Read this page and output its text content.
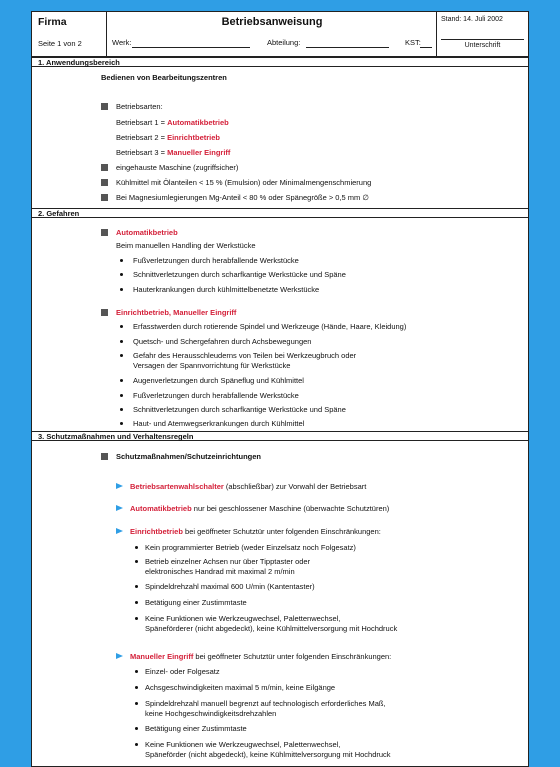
Firma
Seite 1 von 2
Betriebsanweisung
Werk:	Abteilung:	KST:
Stand: 14. Juli 2002
Unterschrift
1. Anwendungsbereich
Bedienen von Bearbeitungszentren
Betriebsarten:
Betriebsart 1 = Automatikbetrieb
Betriebsart 2 = Einrichtbetrieb
Betriebsart 3 = Manueller Eingriff
eingehauste Maschine (zugriffsicher)
Kühlmittel mit Ölanteilen < 15 % (Emulsion) oder Minimalmengenschmierung
Bei Magnesiumlegierungen Mg-Anteil < 80 % oder Spänegröße > 0,5 mm ∅
2. Gefahren
Automatikbetrieb
Beim manuellen Handling der Werkstücke
Fußverletzungen durch herabfallende Werkstücke
Schnittverletzungen durch scharfkantige Werkstücke und Späne
Hauterkrankungen durch kühlmittelbenetzte Werkstücke
Einrichtbetrieb, Manueller Eingriff
Erfasstwerden durch rotierende Spindel und Werkzeuge (Hände, Haare, Kleidung)
Quetsch- und Schergefahren durch Achsbewegungen
Gefahr des Herausschleuderns von Teilen bei Werkzeugbruch oder
Versagen der Spannvorrichtung für Werkstücke
Augenverletzungen durch Späneflug und Kühlmittel
Fußverletzungen durch herabfallende Werkstücke
Schnittverletzungen durch scharfkantige Werkstücke und Späne
Haut- und Atemwegserkrankungen durch Kühlmittel
3. Schutzmaßnahmen und Verhaltensregeln
Schutzmaßnahmen/Schutzeinrichtungen
Betriebsartenwahlschalter (abschließbar) zur Vorwahl der Betriebsart
Automatikbetrieb nur bei geschlossener Maschine (überwachte Schutztüren)
Einrichtbetrieb bei geöffneter Schutztür unter folgenden Einschränkungen:
Kein programmierter Betrieb (weder Einzelsatz noch Folgesatz)
Betrieb einzelner Achsen nur über Tipptaster oder
elektronisches Handrad mit maximal 2 m/min
Spindeldrehzahl maximal 600 U/min (Kantentaster)
Betätigung einer Zustimmtaste
Keine Funktionen wie Werkzeugwechsel, Palettenwechsel,
Späneförderer (nicht abgedeckt), keine Kühlmittelversorgung mit Hochdruck
Manueller Eingriff bei geöffneter Schutztür unter folgenden Einschränkungen:
Einzel- oder Folgesatz
Achsgeschwindigkeiten maximal 5 m/min, keine Eilgänge
Spindeldrehzahl manuell begrenzt auf technologisch erforderliches Maß,
keine Hochgeschwindigkeitsdrehzahlen
Betätigung einer Zustimmtaste
Keine Funktionen wie Werkzeugwechsel, Palettenwechsel,
Späneförder (nicht abgedeckt), keine Kühlmittelversorgung mit Hochdruck
